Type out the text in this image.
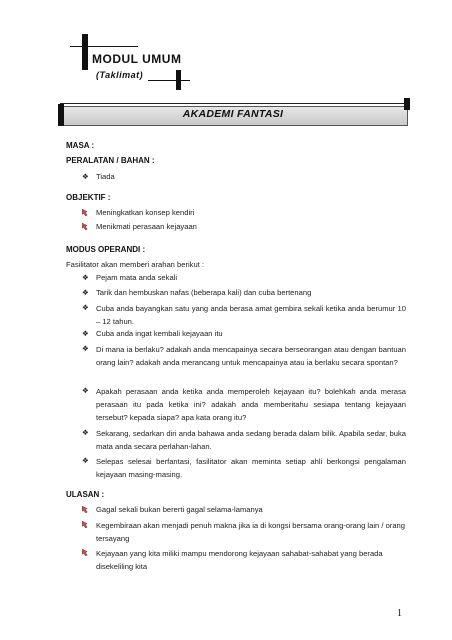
MODUL UMUM
(Taklimat)
AKADEMI FANTASI
MASA :
PERALATAN / BAHAN :
❖ Tiada
OBJEKTIF :
Meningkatkan konsep kendiri
Menikmati perasaan kejayaan
MODUS OPERANDI :
Fasilitator akan memberi arahan berikut :
❖ Pejam mata anda sekali
❖ Tarik dan hembuskan nafas (beberapa kali) dan cuba bertenang
❖ Cuba anda bayangkan satu yang anda berasa amat gembira sekali ketika anda berumur 10 – 12 tahun.
❖ Cuba anda ingat kembali kejayaan itu
❖ Di mana ia berlaku? adakah anda mencapainya secara berseorangan atau dengan bantuan orang lain? adakah anda merancang untuk mencapainya atau ia berlaku secara spontan?
❖ Apakah perasaan anda ketika anda memperoleh kejayaan itu? bolehkah anda merasa perasaan itu pada ketika ini? adakah anda memberitahu sesiapa tentang kejayaan tersebut? kepada siapa? apa kata orang itu?
❖ Sekarang, sedarkan diri anda bahawa anda sedang berada dalam bilik. Apabila sedar, buka mata anda secara perlahan-lahan.
❖ Selepas selesai berfantasi, fasilitator akan meminta setiap ahli berkongsi pengalaman kejayaan masing-masing.
ULASAN :
Gagal sekali bukan bererti gagal selama-lamanya
Kegembiraan akan menjadi penuh makna jika ia di kongsi bersama orang-orang lain / orang tersayang
Kejayaan yang kita miliki mampu mendorong kejayaan sahabat-sahabat yang berada disekeliling kita
1
